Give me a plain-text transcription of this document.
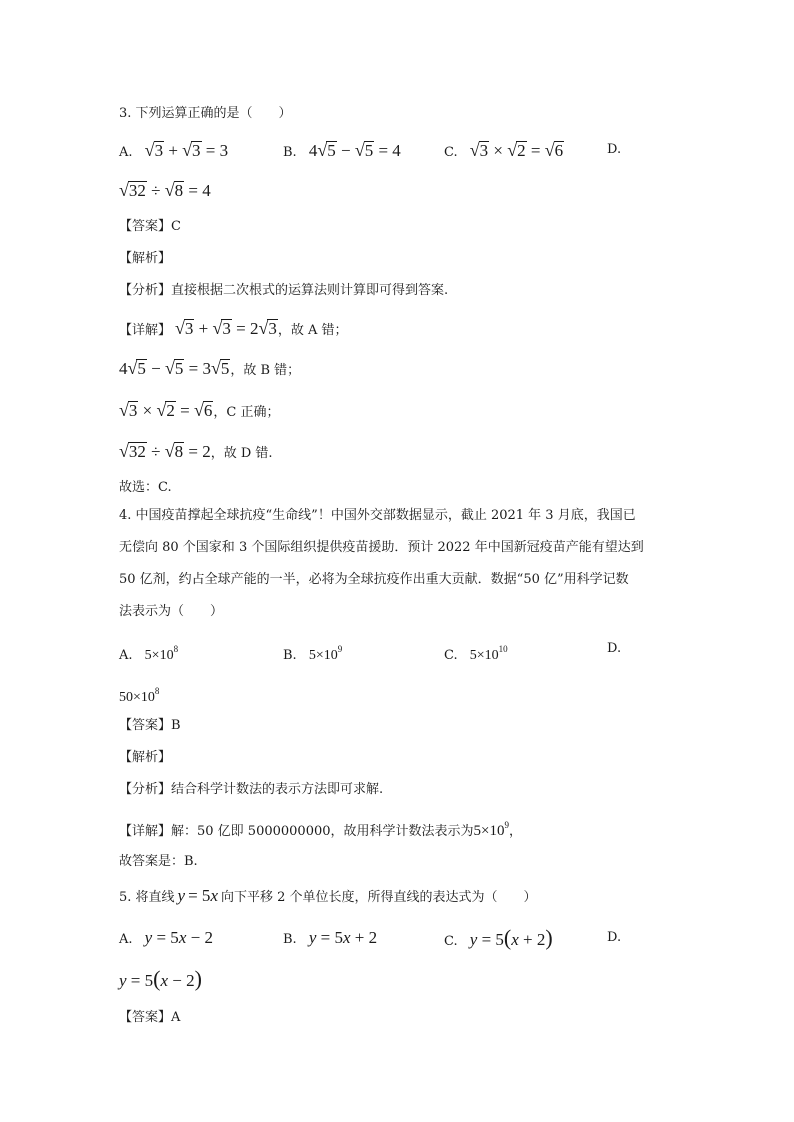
3. 下列运算正确的是（　　）
A. √3 + √3 = 3	B. 4√5 − √5 = 4	C. √3 × √2 = √6	D.
√32 ÷ √8 = 4
【答案】C
【解析】
【分析】直接根据二次根式的运算法则计算即可得到答案.
【详解】 √3 + √3 = 2√3，故 A 错；
4√5 − √5 = 3√5，故 B 错；
√3 × √2 = √6，C 正确；
√32 ÷ √8 = 2，故 D 错.
故选：C.
4. 中国疫苗撑起全球抗疫“生命线”！中国外交部数据显示，截止 2021 年 3 月底，我国已
无偿向 80 个国家和 3 个国际组织提供疫苗援助．预计 2022 年中国新冠疫苗产能有望达到
50 亿剂，约占全球产能的一半，必将为全球抗疫作出重大贡献．数据“50 亿”用科学记数
法表示为（　　）
A. $5\times 10^8$	B. $5\times 10^9$	C. $5\times 10^{10}$	D.
$50\times 10^8$
【答案】B
【解析】
【分析】结合科学计数法的表示方法即可求解.
【详解】解：50 亿即 5000000000，故用科学计数法表示为$5\times 10^9$，
故答案是：B.
5. 将直线 y = 5x 向下平移 2 个单位长度，所得直线的表达式为（　　）
A. y = 5x − 2	B. y = 5x + 2	C. y = 5(x + 2)	D.
y = 5(x − 2)
【答案】A
